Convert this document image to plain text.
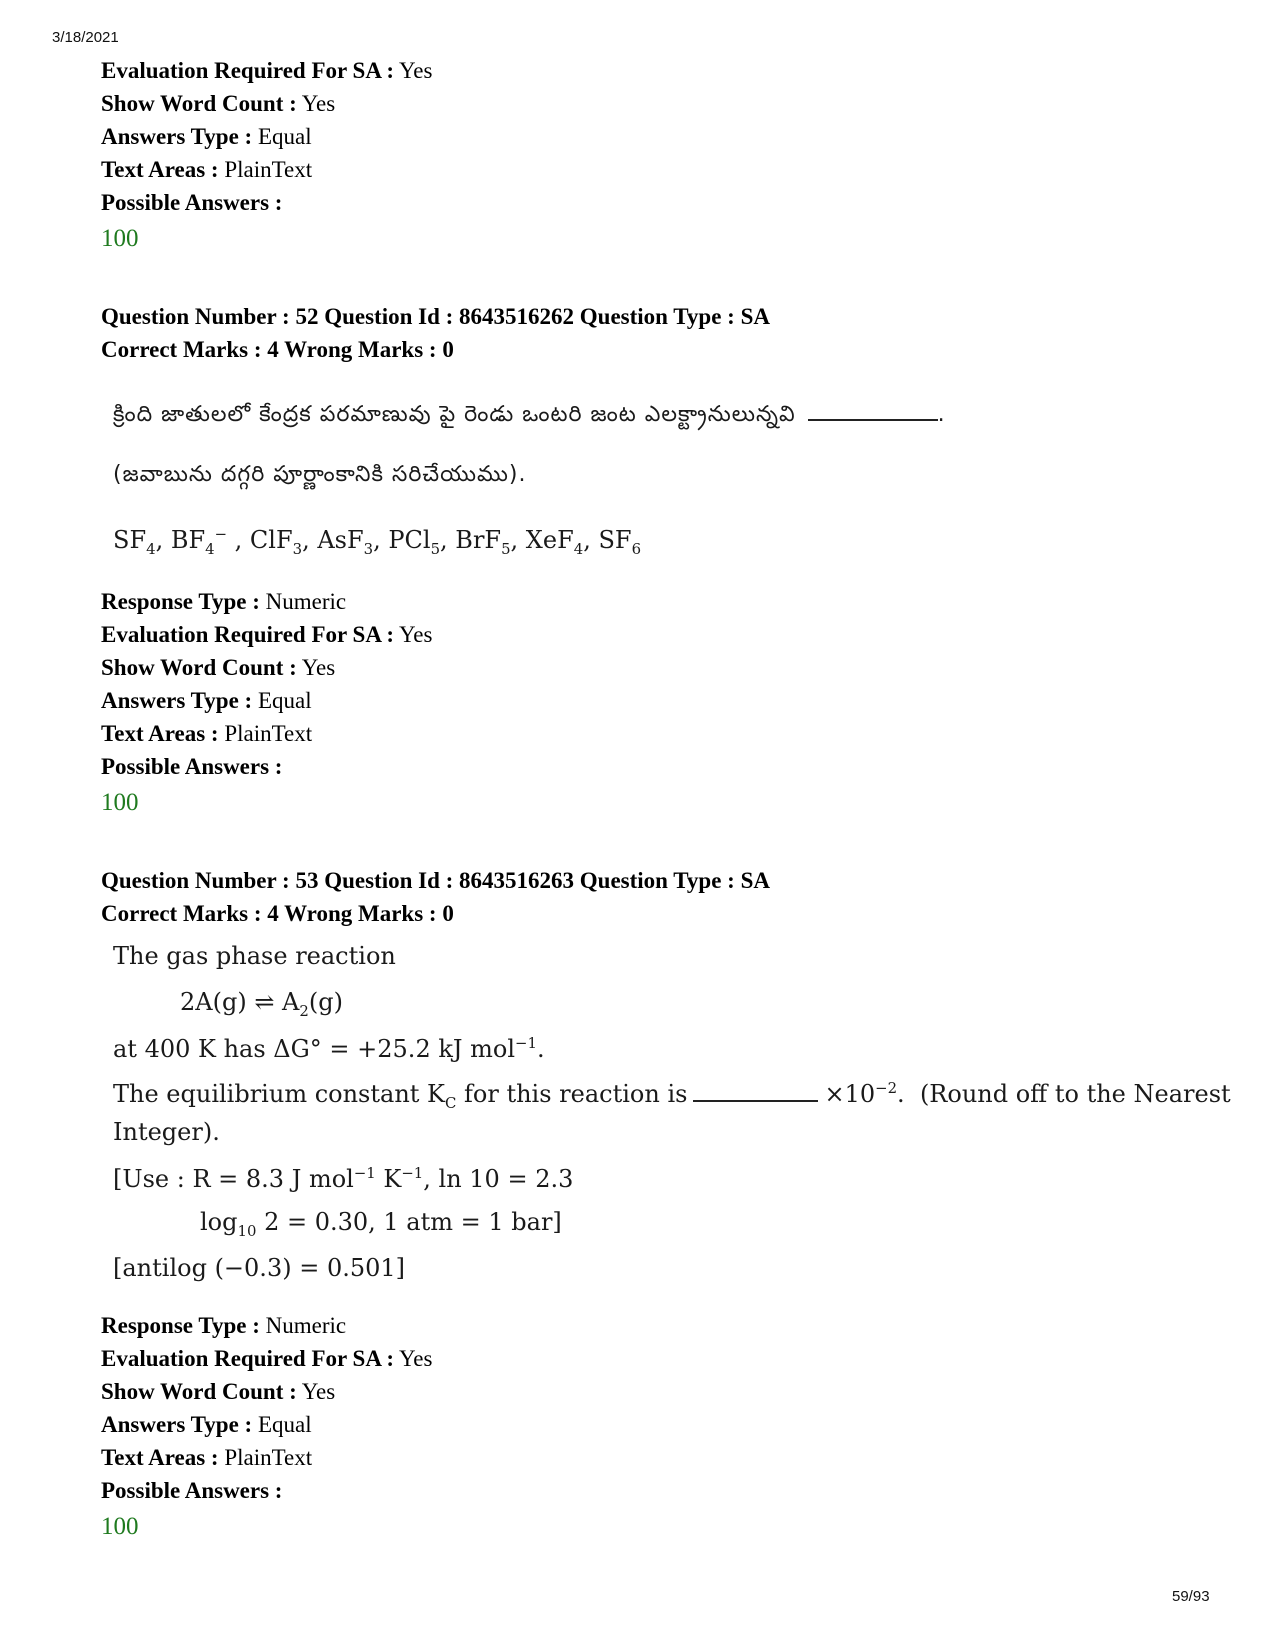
3/18/2021
Evaluation Required For SA : Yes
Show Word Count : Yes
Answers Type : Equal
Text Areas : PlainText
Possible Answers :
100
Question Number : 52 Question Id : 8643516262 Question Type : SA
Correct Marks : 4 Wrong Marks : 0
క్రింది జాతులలో కేంద్రక పరమాణువు పై రెండు ఒంటరి జంట ఎలక్ట్రానులున్నవి	.
(జవాబును దగ్గరి పూర్ణాంకానికి సరిచేయుము).
$SF_4$, $BF_4^-$ , ClF$_3$, AsF$_3$, PCl$_5$, BrF$_5$, XeF$_4$, $SF_6$
Response Type : Numeric
Evaluation Required For SA : Yes
Show Word Count : Yes
Answers Type : Equal
Text Areas : PlainText
Possible Answers :
100
Question Number : 53 Question Id : 8643516263 Question Type : SA
Correct Marks : 4 Wrong Marks : 0
The gas phase reaction
2A(g) ⇌ $A_2(g)$
at 400 K has ΔG° = +25.2 kJ mol$^{-1}$.
The equilibrium constant $K_C$ for this reaction is	$\times 10^{-2}$.  (Round off to the Nearest
Integer).
[Use : R = 8.3 J mol$^{-1}$ $K^{-1}$, ln 10 = 2.3
$\log_{10} 2 = 0.30$, 1 atm = 1 bar]
[antilog (−0.3) = 0.501]
Response Type : Numeric
Evaluation Required For SA : Yes
Show Word Count : Yes
Answers Type : Equal
Text Areas : PlainText
Possible Answers :
100
59/93
